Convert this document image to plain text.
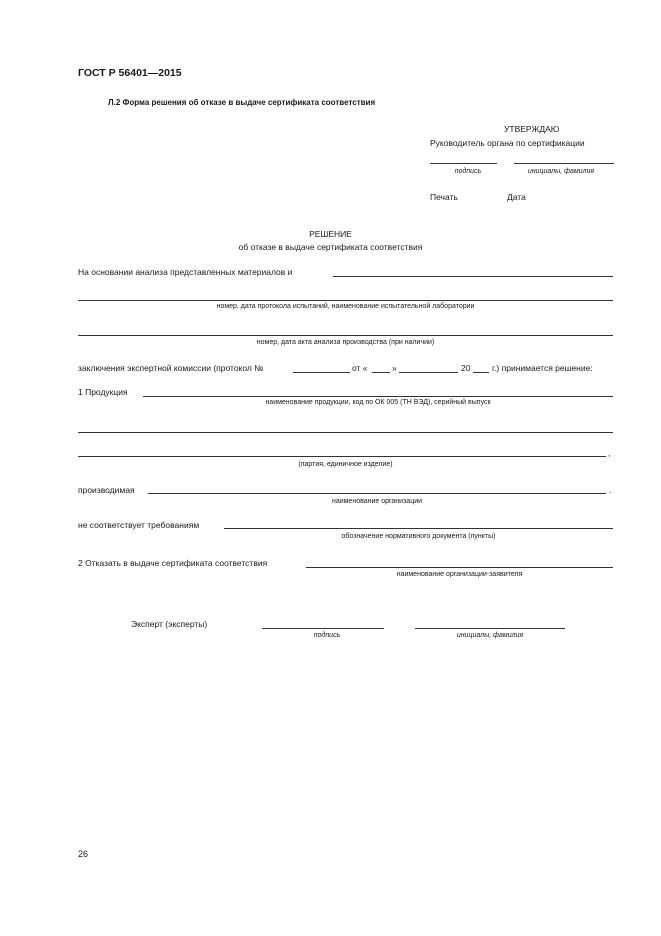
ГОСТ Р 56401—2015
Л.2 Форма решения об отказе в выдаче сертификата соответствия
УТВЕРЖДАЮ
Руководитель органа по сертификации
подпись	инициалы, фамилия
Печать	Дата
РЕШЕНИЕ
об отказе в выдаче сертификата соответствия
На основании анализа представленных материалов и
номер, дата протокола испытаний, наименование испытательной лаборатории
номер, дата акта анализа производства (при наличии)
заключения экспертной комиссии (протокол №	от «	»	20	г.) принимается решение:
1 Продукция
наименование продукции, код по ОК 005 (ТН ВЭД), серийный выпуск
,
(партия, единичное изделие)
производимая	.
наименование организации
не соответствует требованиям
обозначение нормативного документа (пункты)
2 Отказать в выдаче сертификата соответствия
наименование организации-заявителя
Эксперт (эксперты)
подпись	инициалы, фамилия
26
